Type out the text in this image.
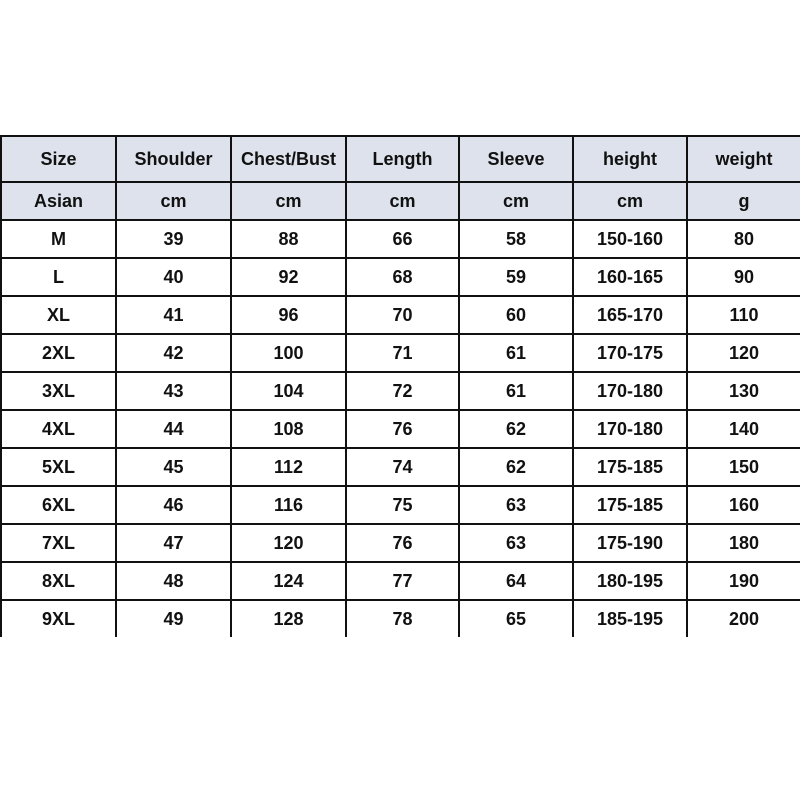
Size	Shoulder	Chest/Bust	Length	Sleeve	height	weight
Asian	cm	cm	cm	cm	cm	g
M	39	88	66	58	150-160	80
L	40	92	68	59	160-165	90
XL	41	96	70	60	165-170	110
2XL	42	100	71	61	170-175	120
3XL	43	104	72	61	170-180	130
4XL	44	108	76	62	170-180	140
5XL	45	112	74	62	175-185	150
6XL	46	116	75	63	175-185	160
7XL	47	120	76	63	175-190	180
8XL	48	124	77	64	180-195	190
9XL	49	128	78	65	185-195	200
